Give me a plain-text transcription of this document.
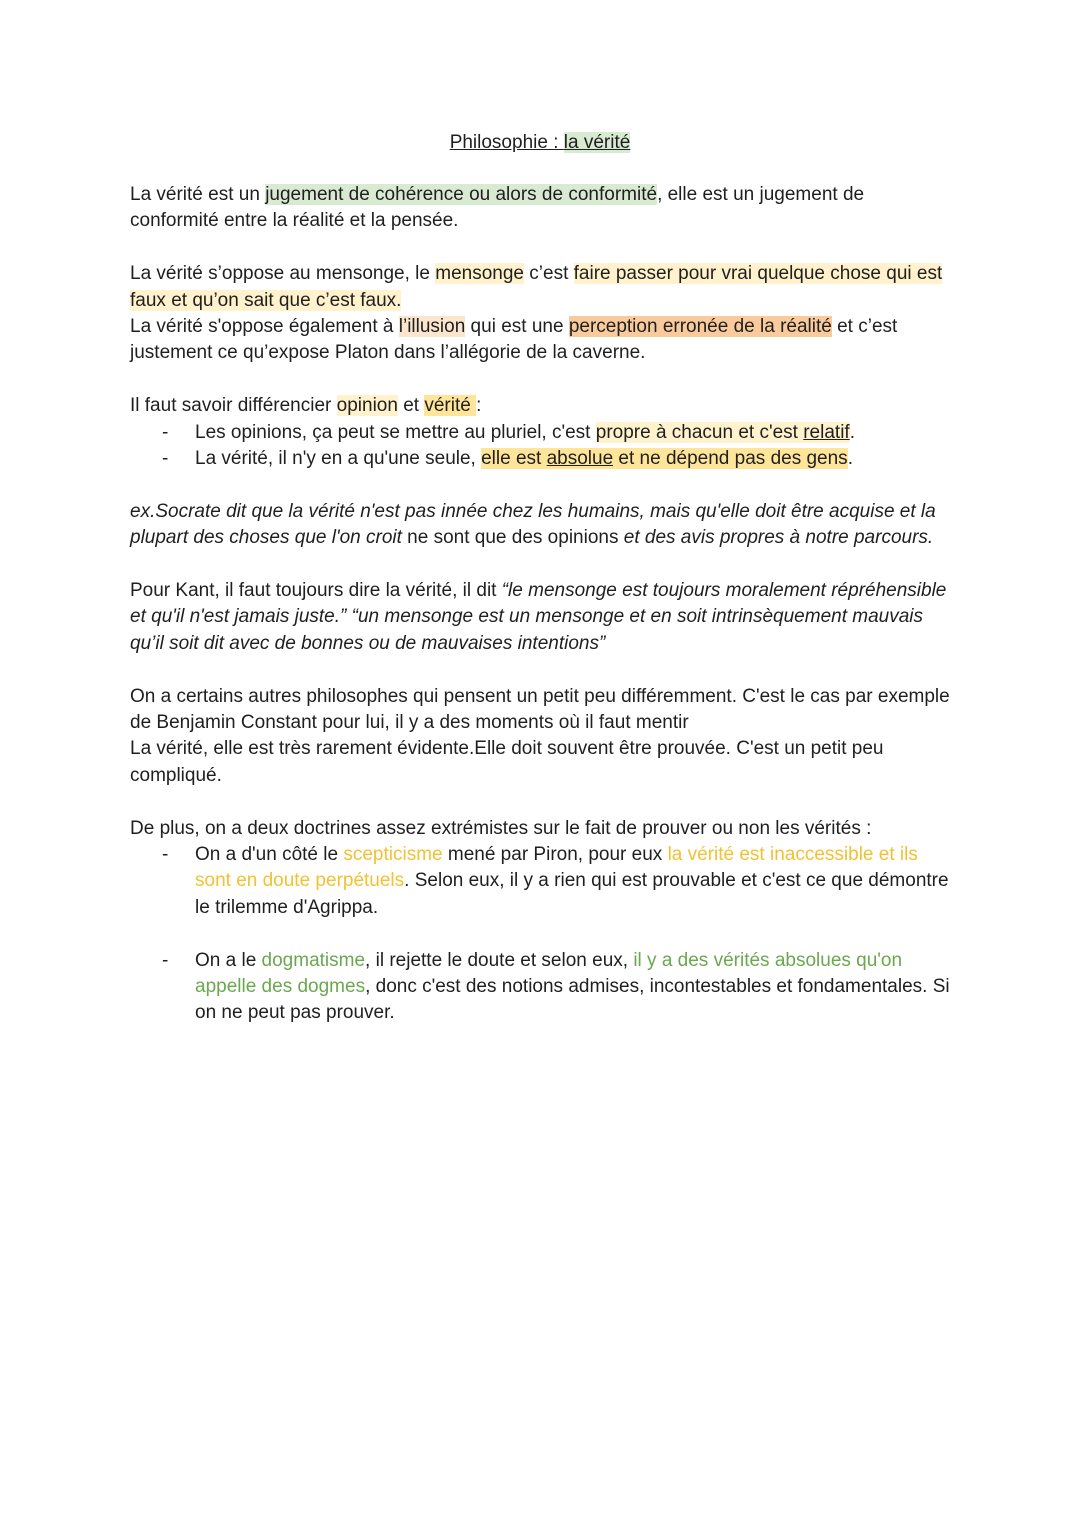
Philosophie : la vérité

La vérité est un jugement de cohérence ou alors de conformité, elle est un jugement de conformité entre la réalité et la pensée.

La vérité s’oppose au mensonge, le mensonge c’est faire passer pour vrai quelque chose qui est faux et qu’on sait que c’est faux.
La vérité s'oppose également à l’illusion qui est une perception erronée de la réalité et c’est justement ce qu’expose Platon dans l’allégorie de la caverne.

Il faut savoir différencier opinion et vérité :
- Les opinions, ça peut se mettre au pluriel, c'est propre à chacun et c'est relatif.
- La vérité, il n'y en a qu'une seule, elle est absolue et ne dépend pas des gens.

ex.Socrate dit que la vérité n'est pas innée chez les humains, mais qu'elle doit être acquise et la plupart des choses que l'on croit ne sont que des opinions et des avis propres à notre parcours.

Pour Kant, il faut toujours dire la vérité, il dit “le mensonge est toujours moralement répréhensible et qu'il n'est jamais juste.” “un mensonge est un mensonge et en soit intrinsèquement mauvais qu’il soit dit avec de bonnes ou de mauvaises intentions”

On a certains autres philosophes qui pensent un petit peu différemment. C'est le cas par exemple de Benjamin Constant pour lui, il y a des moments où il faut mentir
La vérité, elle est très rarement évidente.Elle doit souvent être prouvée. C'est un petit peu compliqué.

De plus, on a deux doctrines assez extrémistes sur le fait de prouver ou non les vérités :
- On a d'un côté le scepticisme mené par Piron, pour eux la vérité est inaccessible et ils sont en doute perpétuels. Selon eux, il y a rien qui est prouvable et c'est ce que démontre le trilemme d'Agrippa.
- On a le dogmatisme, il rejette le doute et selon eux, il y a des vérités absolues qu'on appelle des dogmes, donc c'est des notions admises, incontestables et fondamentales. Si on ne peut pas prouver.
